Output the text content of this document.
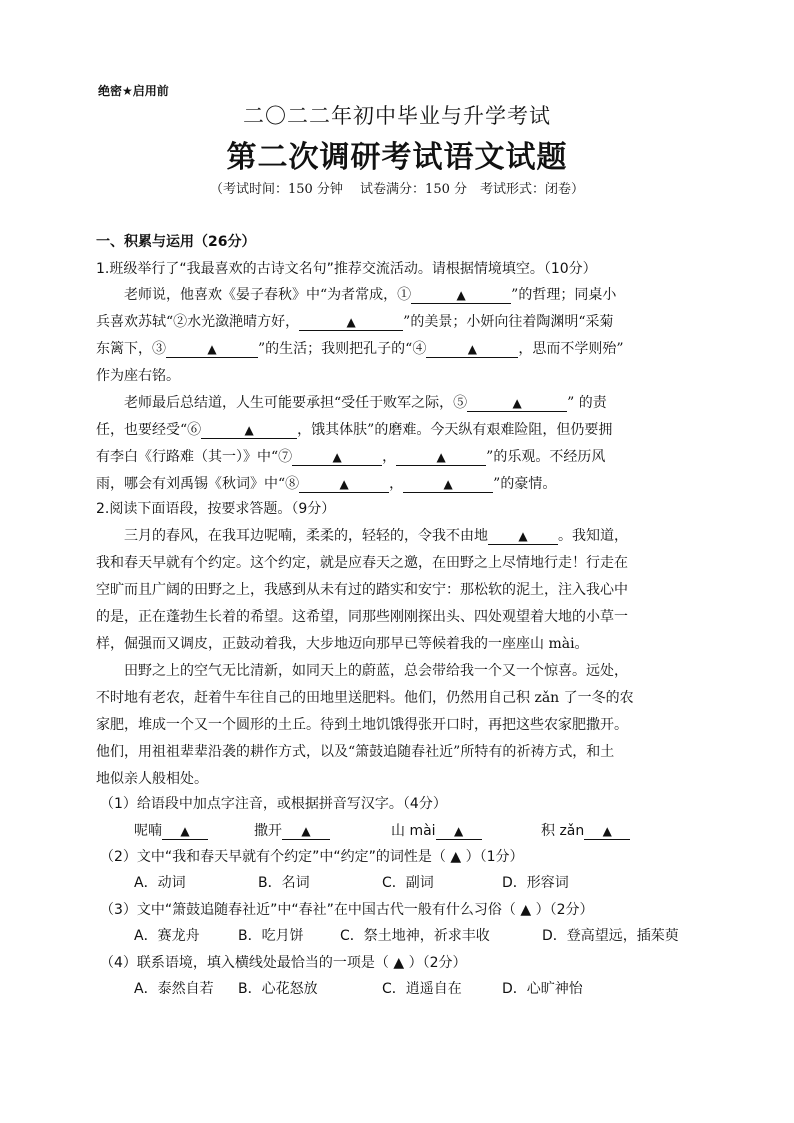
绝密★启用前
二〇二二年初中毕业与升学考试
第二次调研考试语文试题
（考试时间：150 分钟　 试卷满分：150 分　考试形式：闭卷）
一、积累与运用（26分）
1.班级举行了“我最喜欢的古诗文名句”推荐交流活动。请根据情境填空。（10分）
老师说，他喜欢《晏子春秋》中“为者常成，①	▲	”的哲理；同桌小
兵喜欢苏轼“②水光潋滟晴方好，	▲	”的美景；小妍向往着陶渊明“采菊
东篱下，③	▲	”的生活；我则把孔子的“④	▲	，思而不学则殆”
作为座右铭。
老师最后总结道，人生可能要承担“受任于败军之际，⑤	▲	” 的责
任，也要经受“⑥	▲	，饿其体肤”的磨难。今天纵有艰难险阻，但仍要拥
有李白《行路难（其一）》中“⑦	▲	，	▲	”的乐观。不经历风
雨，哪会有刘禹锡《秋词》中“⑧	▲	，	▲	”的豪情。
2.阅读下面语段，按要求答题。（9分）
三月的春风，在我耳边呢喃，柔柔的，轻轻的，令我不由地	▲ 。我知道，
我和春天早就有个约定。这个约定，就是应春天之邀，在田野之上尽情地行走！行走在
空旷而且广阔的田野之上，我感到从未有过的踏实和安宁：那松软的泥土，注入我心中
的是，正在蓬勃生长着的希望。这希望，同那些刚刚探出头、四处观望着大地的小草一
样，倔强而又调皮，正鼓动着我，大步地迈向那早已等候着我的一座座山 mài。
田野之上的空气无比清新，如同天上的蔚蓝，总会带给我一个又一个惊喜。远处，
不时地有老农，赶着牛车往自己的田地里送肥料。他们，仍然用自己积 zǎn 了一冬的农
家肥，堆成一个又一个圆形的土丘。待到土地饥饿得张开口时，再把这些农家肥撒开。
他们，用祖祖辈辈沿袭的耕作方式，以及“箫鼓追随春社近”所特有的祈祷方式，和土
地似亲人般相处。
（1）给语段中加点字注音，或根据拼音写汉字。（4分）
呢喃 ▲	撒开 ▲	山 mài ▲	积 zǎn ▲
（2）文中“我和春天早就有个约定”中“约定”的词性是（ ▲ ）（1分）
A．动词	B．名词	C．副词	D．形容词
（3）文中“箫鼓追随春社近”中“春社”在中国古代一般有什么习俗（ ▲ ）（2分）
A．赛龙舟	B．吃月饼	C．祭土地神，祈求丰收	D．登高望远，插茱萸
（4）联系语境，填入横线处最恰当的一项是（ ▲ ）（2分）
A．泰然自若 B．心花怒放	C．逍遥自在	D．心旷神怡
